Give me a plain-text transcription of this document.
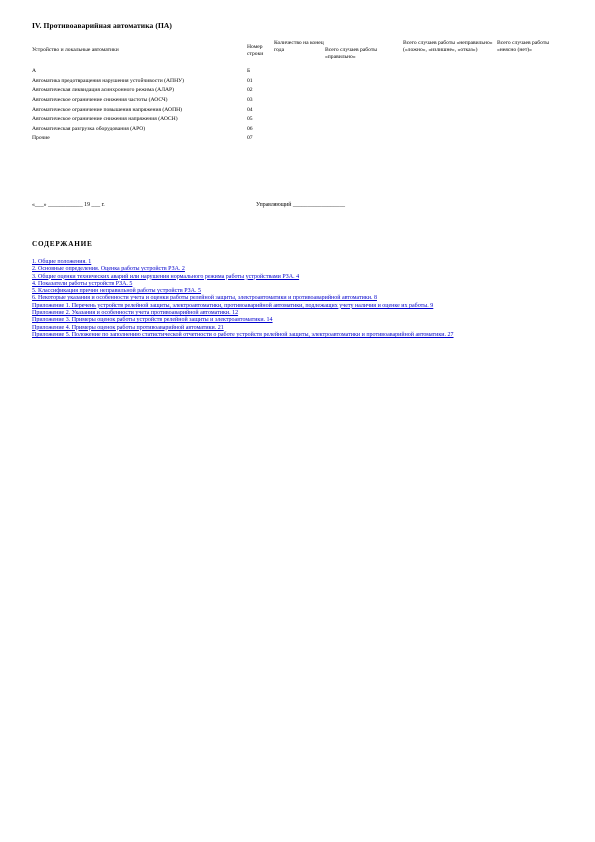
IV. Противоаварийная автоматика (ПА)
Устройство и локальные автоматики	Номер строки	Количество на конец года	Всего случаев работы «правильно»	Всего случаев работы «неправильно» («ложно», «излишне», «отказ»)	Всего случаев работы «неясно (нет)»
А	Б				
Автоматика предотвращения нарушения устойчивости (АПНУ)	01				
Автоматическая ликвидация асинхронного режима (АЛАР)	02				
Автоматическое ограничение снижения частоты (АОСЧ)	03				
Автоматическое ограничение повышения напряжения (АОПН)	04				
Автоматическое ограничение снижения напряжения (АОСН)	05				
Автоматическая разгрузка оборудования (АРО)	06				
Прочие	07				
«___» ____________ 19 ___ г.	Управляющий __________________
СОДЕРЖАНИЕ
1. Общие положения. 1
2. Основные определения. Оценка работы устройств РЗА. 2
3. Общие оценки технических аварий или нарушения нормального режима работы устройствами РЗА. 4
4. Показатели работы устройств РЗА. 5
5. Классификация причин неправильной работы устройств РЗА. 5
6. Некоторые указания и особенности учета и оценки работы релейной защиты, электроавтоматики и противоаварийной автоматики. 8
Приложение 1. Перечень устройств релейной защиты, электроавтоматики, противоаварийной автоматики, подлежащих учету наличия и оценке их работы. 9
Приложение 2. Указания и особенности учета противоаварийной автоматики. 12
Приложение 3. Примеры оценок работы устройств релейной защиты и электроавтоматики. 14
Приложение 4. Примеры оценок работы противоаварийной автоматики. 21
Приложение 5. Положение по заполнению статистической отчетности о работе устройств релейной защиты, электроавтоматики и противоаварийной автоматики. 27
